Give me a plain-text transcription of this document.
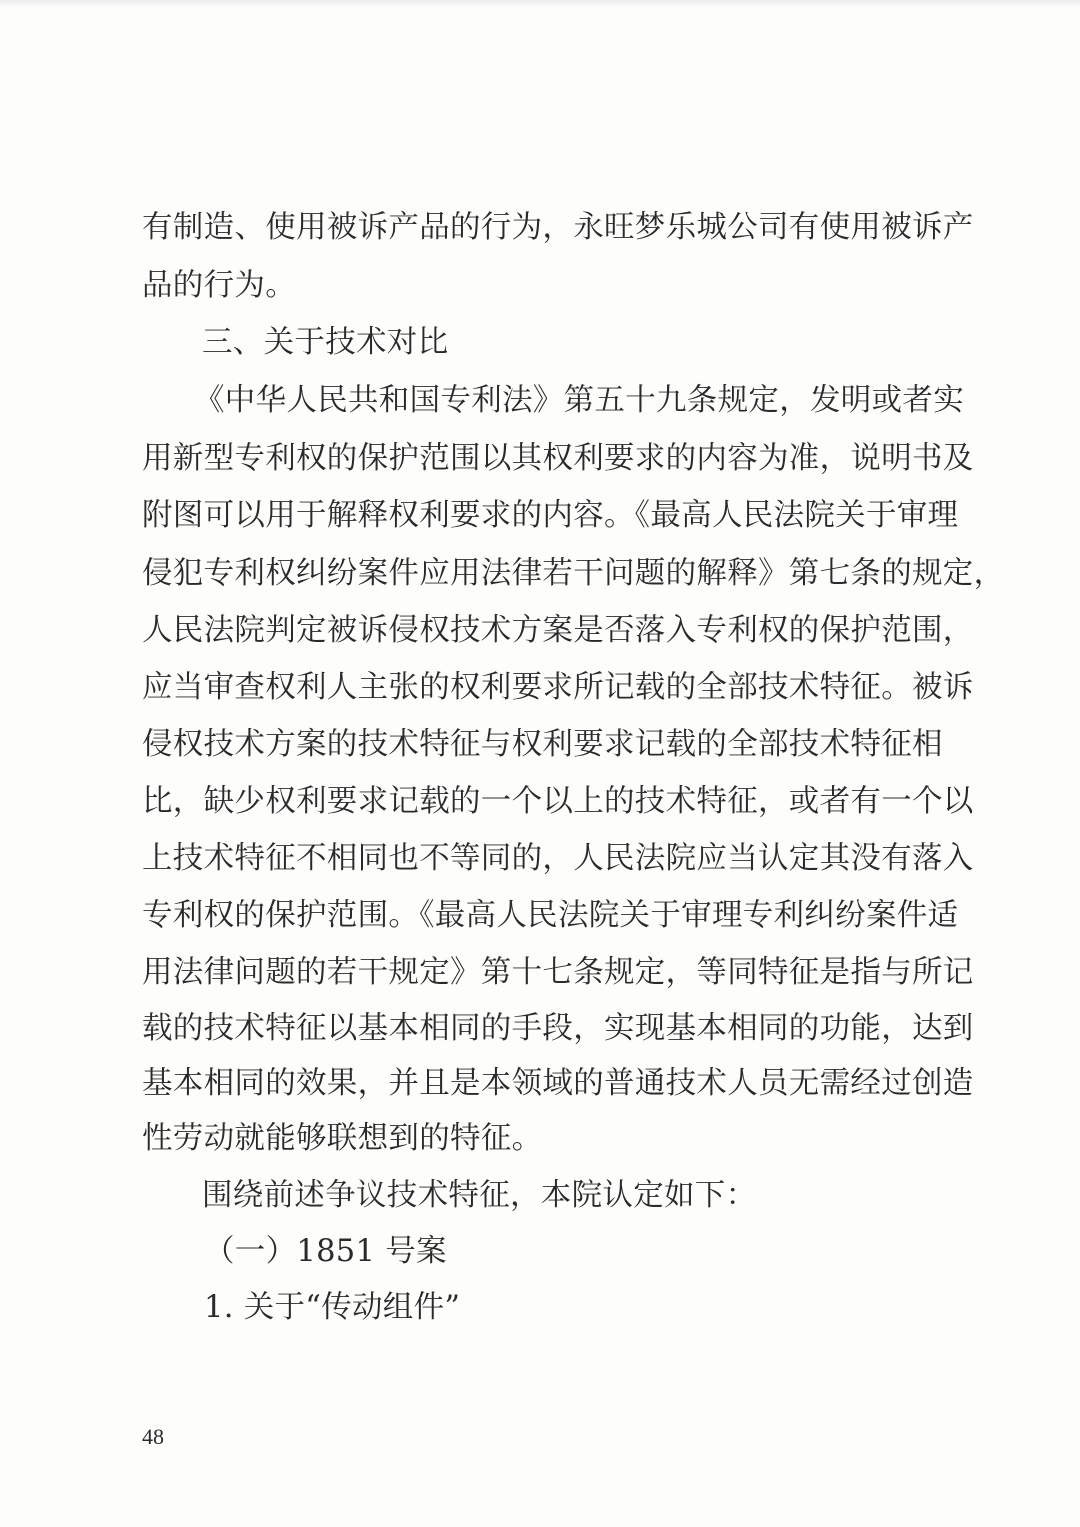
有制造、使用被诉产品的行为，永旺梦乐城公司有使用被诉产
品的行为。
三、关于技术对比
《中华人民共和国专利法》第五十九条规定，发明或者实
用新型专利权的保护范围以其权利要求的内容为准，说明书及
附图可以用于解释权利要求的内容。《最高人民法院关于审理
侵犯专利权纠纷案件应用法律若干问题的解释》第七条的规定，
人民法院判定被诉侵权技术方案是否落入专利权的保护范围，
应当审查权利人主张的权利要求所记载的全部技术特征。被诉
侵权技术方案的技术特征与权利要求记载的全部技术特征相
比，缺少权利要求记载的一个以上的技术特征，或者有一个以
上技术特征不相同也不等同的，人民法院应当认定其没有落入
专利权的保护范围。《最高人民法院关于审理专利纠纷案件适
用法律问题的若干规定》第十七条规定，等同特征是指与所记
载的技术特征以基本相同的手段，实现基本相同的功能，达到
基本相同的效果，并且是本领域的普通技术人员无需经过创造
性劳动就能够联想到的特征。
围绕前述争议技术特征，本院认定如下：
（一）1851 号案
1. 关于“传动组件”
48
